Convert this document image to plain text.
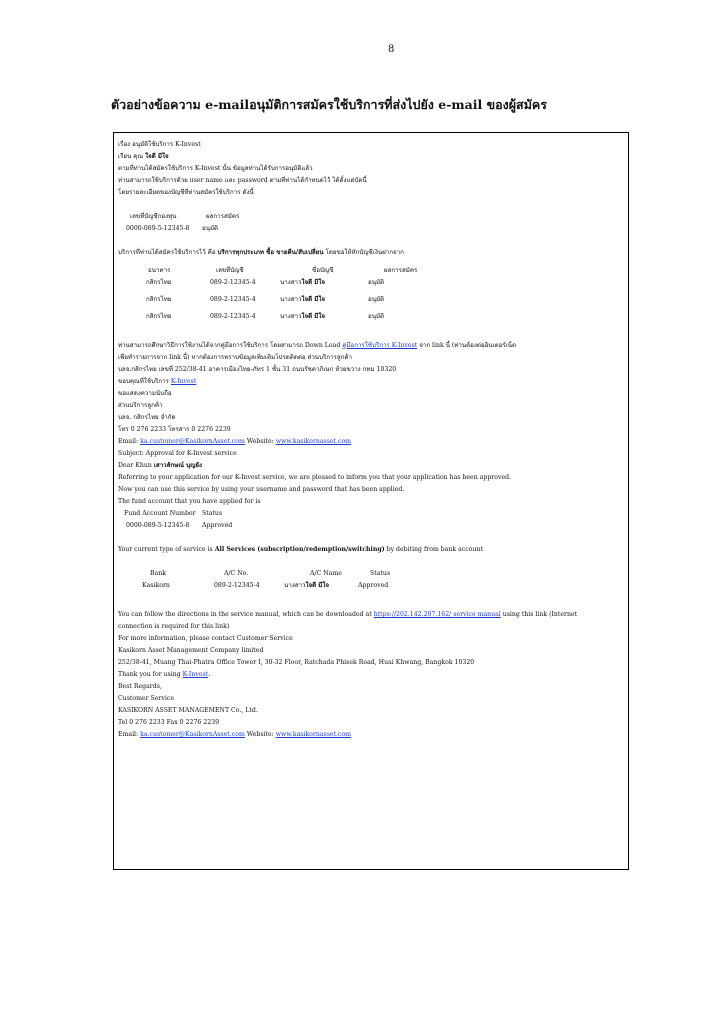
8
ตัวอย่างข้อความ e-mailอนุมัติการสมัครใช้บริการที่ส่งไปยัง e-mail ของผู้สมัคร
เรื่อง อนุมัติใช้บริการ K-Invest
เรียน คุณ ใจดี มีใจ
ตามที่ท่านได้สมัครใช้บริการ K-Invest นั้น ข้อมูลท่านได้รับการอนุมัติแล้ว
ท่านสามารถใช้บริการด้วย user name และ password ตามที่ท่านได้กำหนดไว้ ได้ตั้งแต่บัดนี้
โดยรายละเอียดของบัญชีที่ท่านสมัครใช้บริการ ดังนี้
เลขที่บัญชีกองทุน	ผลการสมัคร
0000-089-5-12345-8	อนุมัติ
บริการที่ท่านได้สมัครใช้บริการไว้ คือ บริการทุกประเภท ซื้อ ขายคืน/สับเปลี่ยน โดยขอให้หักบัญชีเงินฝากจาก
ธนาคาร	เลขที่บัญชี	ชื่อบัญชี	ผลการสมัคร
กสิกรไทย	089-2-12345-4	นางสาวใจดี มีใจ	อนุมัติ
กสิกรไทย	089-2-12345-4	นางสาวใจดี มีใจ	อนุมัติ
กสิกรไทย	089-2-12345-4	นางสาวใจดี มีใจ	อนุมัติ
ท่านสามารถศึกษาวิธีการใช้งานได้จากคู่มือการใช้บริการ โดยสามารถ Down Load คู่มือการใช้บริการ K-Invest จาก link นี้ (ท่านต้องต่ออินเตอร์เน็ต
เพื่อทำรายการจาก link นี้) หากต้องการทราบข้อมูลเพิ่มเติมโปรดติดต่อ ส่วนบริการลูกค้า
บลจ.กสิกรไทย เลขที่ 252/38-41 อาคารเมืองไทย-ภัทร 1 ชั้น 31 ถนนรัชดาภิเษก ห้วยขวาง กทม 10320
ขอบคุณที่ใช้บริการ K-Invest
ขอแสดงความนับถือ
ส่วนบริการลูกค้า
บลจ. กสิกรไทย จำกัด
โทร 0 276 2233 โทรสาร 0 2276 2239
Email: ka.customer@KasikornAsset.com Website: www.kasikornasset.com
Subject: Approval for K-Invest service
Dear Khun เสาวลักษณ์ บุญยัง
Referring to your application for our K-Invest service, we are pleased to inform you that your application has been approved.
Now you can use this service by using your username and password that has been applied.
The fund account that you have applied for is
Fund Account Number	Status
0000-089-5-12345-8	Approved
Your current type of service is All Services (subscription/redemption/switching) by debiting from bank account
Bank	A/C No.	A/C Name	Status
Kasikorn	089-2-12345-4	นางสาวใจดี มีใจ	Approved
You can follow the directions in the service manual, which can be downloaded at https://202.142.207.162/ service manual using this link (Internet
connection is required for this link)
For more information, please contact Customer Service
Kasikorn Asset Management Company limited
252/38-41, Muang Thai-Phatra Office Tower I, 30-32 Floor, Ratchada Phisek Road, Huai Khwang, Bangkok 10320
Thank you for using K-Invest.
Best Regards,
Customer Service
KASIKORN ASSET MANAGEMENT Co., Ltd.
Tel 0 276 2233 Fax 0 2276 2239
Email: ka.customer@KasikornAsset.com Website: www.kasikornasset.com
